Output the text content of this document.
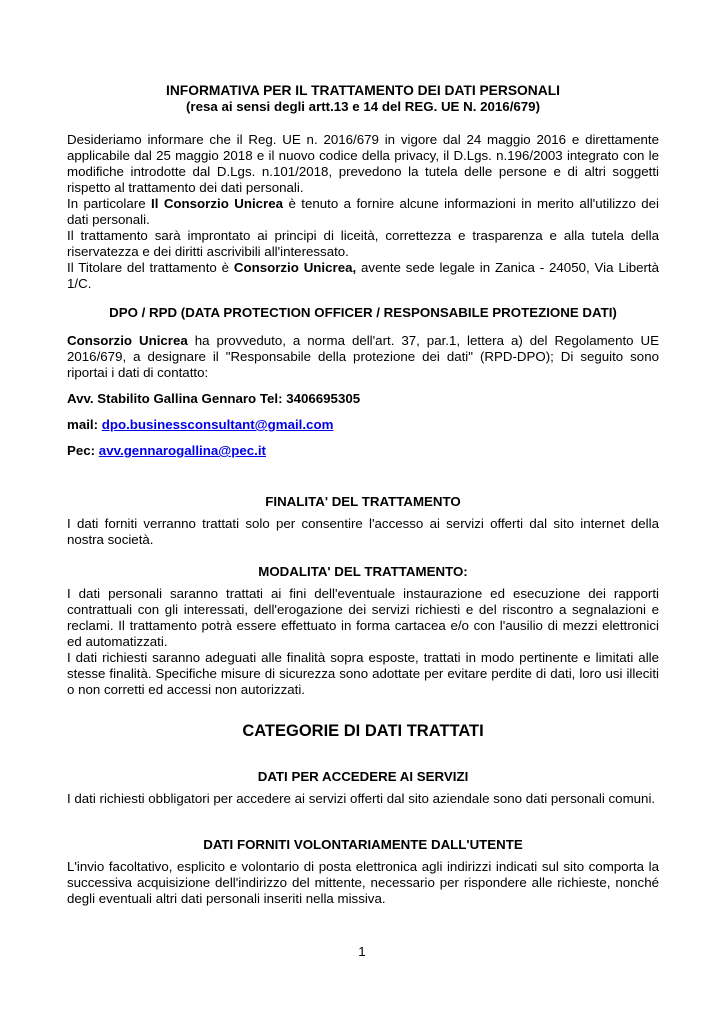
INFORMATIVA PER IL TRATTAMENTO DEI DATI PERSONALI
(resa ai sensi degli artt.13 e 14 del REG. UE N. 2016/679)

Desideriamo informare che il Reg. UE n. 2016/679 in vigore dal 24 maggio 2016 e direttamente applicabile dal 25 maggio 2018 e il nuovo codice della privacy, il D.Lgs. n.196/2003 integrato con le modifiche introdotte dal D.Lgs. n.101/2018, prevedono la tutela delle persone e di altri soggetti rispetto al trattamento dei dati personali.

In particolare Il Consorzio Unicrea è tenuto a fornire alcune informazioni in merito all'utilizzo dei dati personali.

Il trattamento sarà improntato ai principi di liceità, correttezza e trasparenza e alla tutela della riservatezza e dei diritti ascrivibili all'interessato.

Il Titolare del trattamento è Consorzio Unicrea, avente sede legale in Zanica - 24050, Via Libertà 1/C.

DPO / RPD (DATA PROTECTION OFFICER / RESPONSABILE PROTEZIONE DATI)

Consorzio Unicrea ha provveduto, a norma dell'art. 37, par.1, lettera a) del Regolamento UE 2016/679, a designare il "Responsabile della protezione dei dati" (RPD-DPO); Di seguito sono riportai i dati di contatto:

Avv. Stabilito Gallina Gennaro Tel: 3406695305

mail: dpo.businessconsultant@gmail.com

Pec: avv.gennarogallina@pec.it

FINALITA' DEL TRATTAMENTO

I dati forniti verranno trattati solo per consentire l'accesso ai servizi offerti dal sito internet della nostra società.

MODALITA' DEL TRATTAMENTO:

I dati personali saranno trattati ai fini dell'eventuale instaurazione ed esecuzione dei rapporti contrattuali con gli interessati, dell'erogazione dei servizi richiesti e del riscontro a segnalazioni e reclami. Il trattamento potrà essere effettuato in forma cartacea e/o con l'ausilio di mezzi elettronici ed automatizzati.

I dati richiesti saranno adeguati alle finalità sopra esposte, trattati in modo pertinente e limitati alle stesse finalità. Specifiche misure di sicurezza sono adottate per evitare perdite di dati, loro usi illeciti o non corretti ed accessi non autorizzati.

CATEGORIE DI DATI TRATTATI

DATI PER ACCEDERE AI SERVIZI

I dati richiesti obbligatori per accedere ai servizi offerti dal sito aziendale sono dati personali comuni.

DATI FORNITI VOLONTARIAMENTE DALL'UTENTE

L'invio facoltativo, esplicito e volontario di posta elettronica agli indirizzi indicati sul sito comporta la successiva acquisizione dell'indirizzo del mittente, necessario per rispondere alle richieste, nonché degli eventuali altri dati personali inseriti nella missiva.

1
